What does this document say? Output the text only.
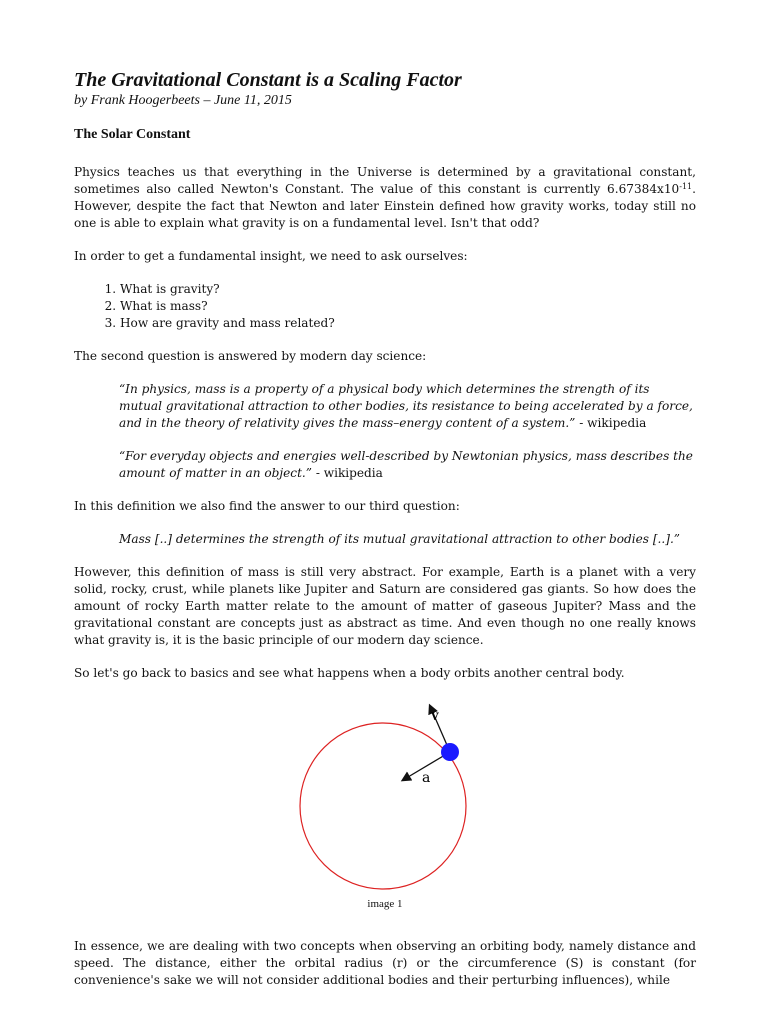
The Gravitational Constant is a Scaling Factor
by Frank Hoogerbeets – June 11, 2015
The Solar Constant

Physics teaches us that everything in the Universe is determined by a gravitational constant, sometimes also called Newton's Constant. The value of this constant is currently $6.67384x10^{-11}$. However, despite the fact that Newton and later Einstein defined how gravity works, today still no one is able to explain what gravity is on a fundamental level. Isn't that odd?

In order to get a fundamental insight, we need to ask ourselves:

1. What is gravity?
2. What is mass?
3. How are gravity and mass related?

The second question is answered by modern day science:

“In physics, mass is a property of a physical body which determines the strength of its mutual gravitational attraction to other bodies, its resistance to being accelerated by a force, and in the theory of relativity gives the mass–energy content of a system.” - wikipedia
“For everyday objects and energies well-described by Newtonian physics, mass describes the amount of matter in an object.” - wikipedia

In this definition we also find the answer to our third question:

Mass [..] determines the strength of its mutual gravitational attraction to other bodies [..].”

However, this definition of mass is still very abstract. For example, Earth is a planet with a very solid, rocky, crust, while planets like Jupiter and Saturn are considered gas giants. So how does the amount of rocky Earth matter relate to the amount of matter of gaseous Jupiter? Mass and the gravitational constant are concepts just as abstract as time. And even though no one really knows what gravity is, it is the basic principle of our modern day science.

So let's go back to basics and see what happens when a body orbits another central body.

v
a
image 1

In essence, we are dealing with two concepts when observing an orbiting body, namely distance and speed. The distance, either the orbital radius (r) or the circumference (S) is constant (for convenience's sake we will not consider additional bodies and their perturbing influences), while
